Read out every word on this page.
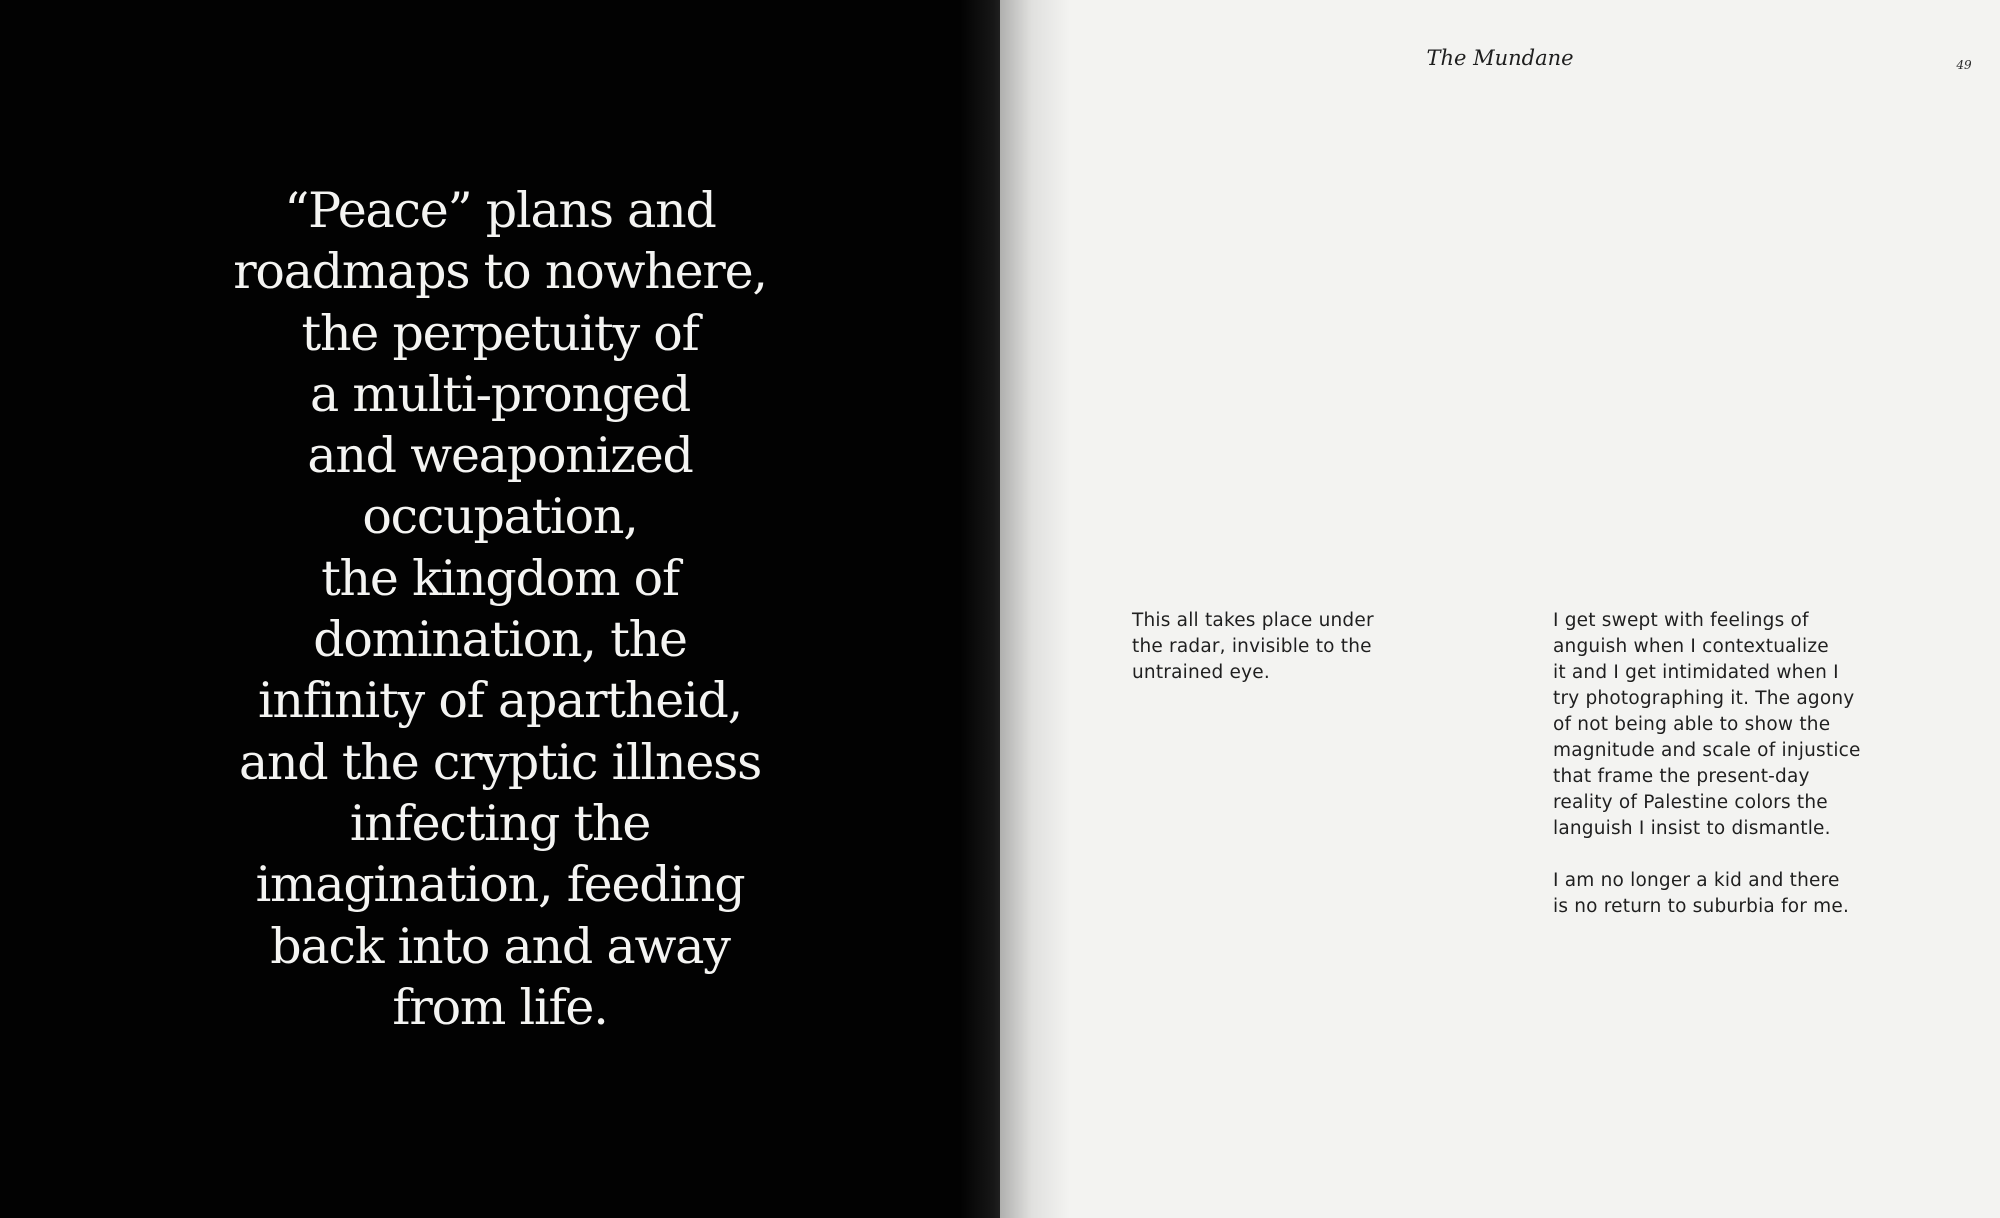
“Peace” plans and
roadmaps to nowhere,
the perpetuity of
a multi-pronged
and weaponized
occupation,
the kingdom of
domination, the
infinity of apartheid,
and the cryptic illness
infecting the
imagination, feeding
back into and away
from life.

The Mundane	49

This all takes place under
the radar, invisible to the
untrained eye.

I get swept with feelings of
anguish when I contextualize
it and I get intimidated when I
try photographing it. The agony
of not being able to show the
magnitude and scale of injustice
that frame the present-day
reality of Palestine colors the
languish I insist to dismantle.
I am no longer a kid and there
is no return to suburbia for me.
